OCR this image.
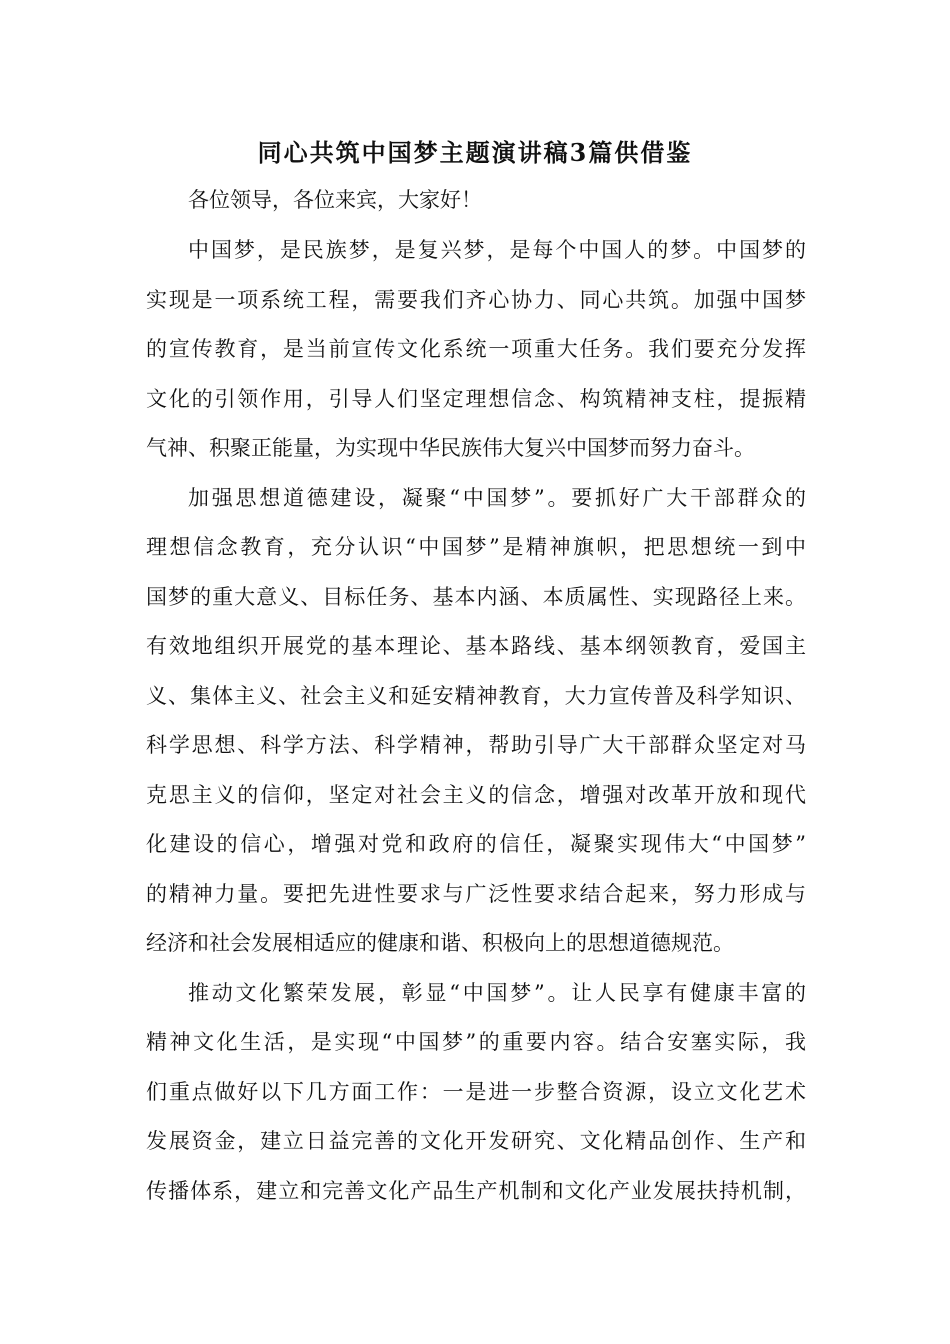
同心共筑中国梦主题演讲稿3篇供借鉴

各位领导，各位来宾，大家好！

中国梦，是民族梦，是复兴梦，是每个中国人的梦。中国梦的

实现是一项系统工程，需要我们齐心协力、同心共筑。加强中国梦

的宣传教育，是当前宣传文化系统一项重大任务。我们要充分发挥

文化的引领作用，引导人们坚定理想信念、构筑精神支柱，提振精

气神、积聚正能量，为实现中华民族伟大复兴中国梦而努力奋斗。

加强思想道德建设，凝聚“中国梦”。要抓好广大干部群众的

理想信念教育，充分认识“中国梦”是精神旗帜，把思想统一到中

国梦的重大意义、目标任务、基本内涵、本质属性、实现路径上来。

有效地组织开展党的基本理论、基本路线、基本纲领教育，爱国主

义、集体主义、社会主义和延安精神教育，大力宣传普及科学知识、

科学思想、科学方法、科学精神，帮助引导广大干部群众坚定对马

克思主义的信仰，坚定对社会主义的信念，增强对改革开放和现代

化建设的信心，增强对党和政府的信任，凝聚实现伟大“中国梦”

的精神力量。要把先进性要求与广泛性要求结合起来，努力形成与

经济和社会发展相适应的健康和谐、积极向上的思想道德规范。

推动文化繁荣发展，彰显“中国梦”。让人民享有健康丰富的

精神文化生活，是实现“中国梦”的重要内容。结合安塞实际，我

们重点做好以下几方面工作：一是进一步整合资源，设立文化艺术

发展资金，建立日益完善的文化开发研究、文化精品创作、生产和

传播体系，建立和完善文化产品生产机制和文化产业发展扶持机制，
